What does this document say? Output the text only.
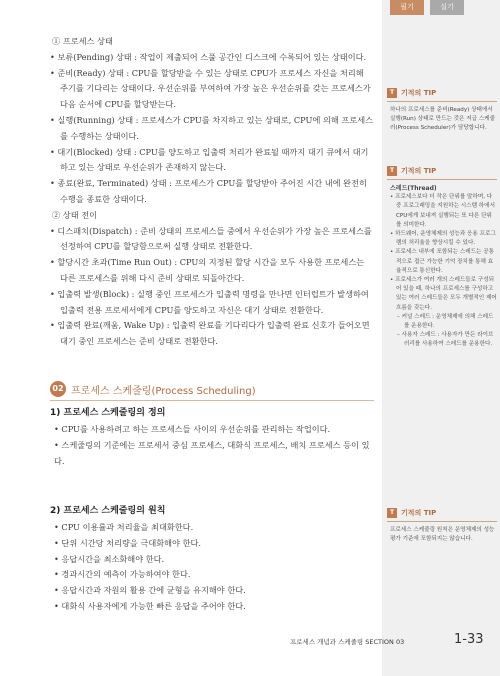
필기	실기

① 프로세스 상태

• 보류(Pending) 상태 : 작업이 제출되어 스풀 공간인 디스크에 수록되어 있는 상태이다.

• 준비(Ready) 상태 : CPU를 할당받을 수 있는 상태로 CPU가 프로세스 자신을 처리해 주기를 기다리는 상태이다. 우선순위를 부여하여 가장 높은 우선순위를 갖는 프로세스가 다음 순서에 CPU를 할당받는다.

• 실행(Running) 상태 : 프로세스가 CPU를 차지하고 있는 상태로, CPU에 의해 프로세스를 수행하는 상태이다.

• 대기(Blocked) 상태 : CPU를 양도하고 입출력 처리가 완료될 때까지 대기 큐에서 대기하고 있는 상태로 우선순위가 존재하지 않는다.

• 종료(완료, Terminated) 상태 : 프로세스가 CPU를 할당받아 주어진 시간 내에 완전히 수행을 종료한 상태이다.

② 상태 전이

• 디스패치(Dispatch) : 준비 상태의 프로세스들 중에서 우선순위가 가장 높은 프로세스를 선정하여 CPU를 할당함으로써 실행 상태로 전환한다.

• 할당시간 초과(Time Run Out) : CPU의 지정된 할당 시간을 모두 사용한 프로세스는 다른 프로세스를 위해 다시 준비 상태로 되돌아간다.

• 입출력 발생(Block) : 실행 중인 프로세스가 입출력 명령을 만나면 인터럽트가 발생하여 입출력 전용 프로세서에게 CPU를 양도하고 자신은 대기 상태로 전환한다.

• 입출력 완료(깨움, Wake Up) : 입출력 완료를 기다리다가 입출력 완료 신호가 들어오면 대기 중인 프로세스는 준비 상태로 전환한다.

02 프로세스 스케줄링(Process Scheduling)
1) 프로세스 스케줄링의 정의

• CPU를 사용하려고 하는 프로세스들 사이의 우선순위를 관리하는 작업이다.

• 스케줄링의 기준에는 프로세서 중심 프로세스, 대화식 프로세스, 배치 프로세스 등이 있다.

2) 프로세스 스케줄링의 원칙

• CPU 이용률과 처리율을 최대화한다.

• 단위 시간당 처리량을 극대화해야 한다.

• 응답시간을 최소화해야 한다.

• 경과시간의 예측이 가능하여야 한다.

• 응답시간과 자원의 활용 간에 균형을 유지해야 한다.

• 대화식 사용자에게 가능한 빠른 응답을 주어야 한다.

T 기적의 TIP

하나의 프로세스를 준비(Ready) 상태에서 실행(Run) 상태로 만드는 것은 저급 스케줄러(Process Scheduler)가 담당합니다.

T 기적의 TIP

스레드(Thread)

• 프로세스보다 더 작은 단위를 말하며, 다중 프로그래밍을 지원하는 시스템 하에서 CPU에게 보내져 실행되는 또 다른 단위를 의미한다.

• 하드웨어, 운영체제의 성능과 응용 프로그램의 처리율을 향상시킬 수 있다.

• 프로세스 내부에 포함되는 스레드는 공통적으로 접근 가능한 기억 장치를 통해 효율적으로 통신한다.

• 프로세스가 여러 개의 스레드들로 구성되어 있을 때, 하나의 프로세스를 구성하고 있는 여러 스레드들은 모두 개별적인 제어 흐름을 갖는다.

– 커널 스레드 : 운영체제에 의해 스레드를 운용한다.

– 사용자 스레드 : 사용자가 만든 라이브러리를 사용하여 스레드를 운용한다.

T 기적의 TIP

프로세스 스케줄링 원칙은 운영체제의 성능 평가 기준에 포함되지는 않습니다.

프로세스 개념과 스케줄링 SECTION 03	1-33
